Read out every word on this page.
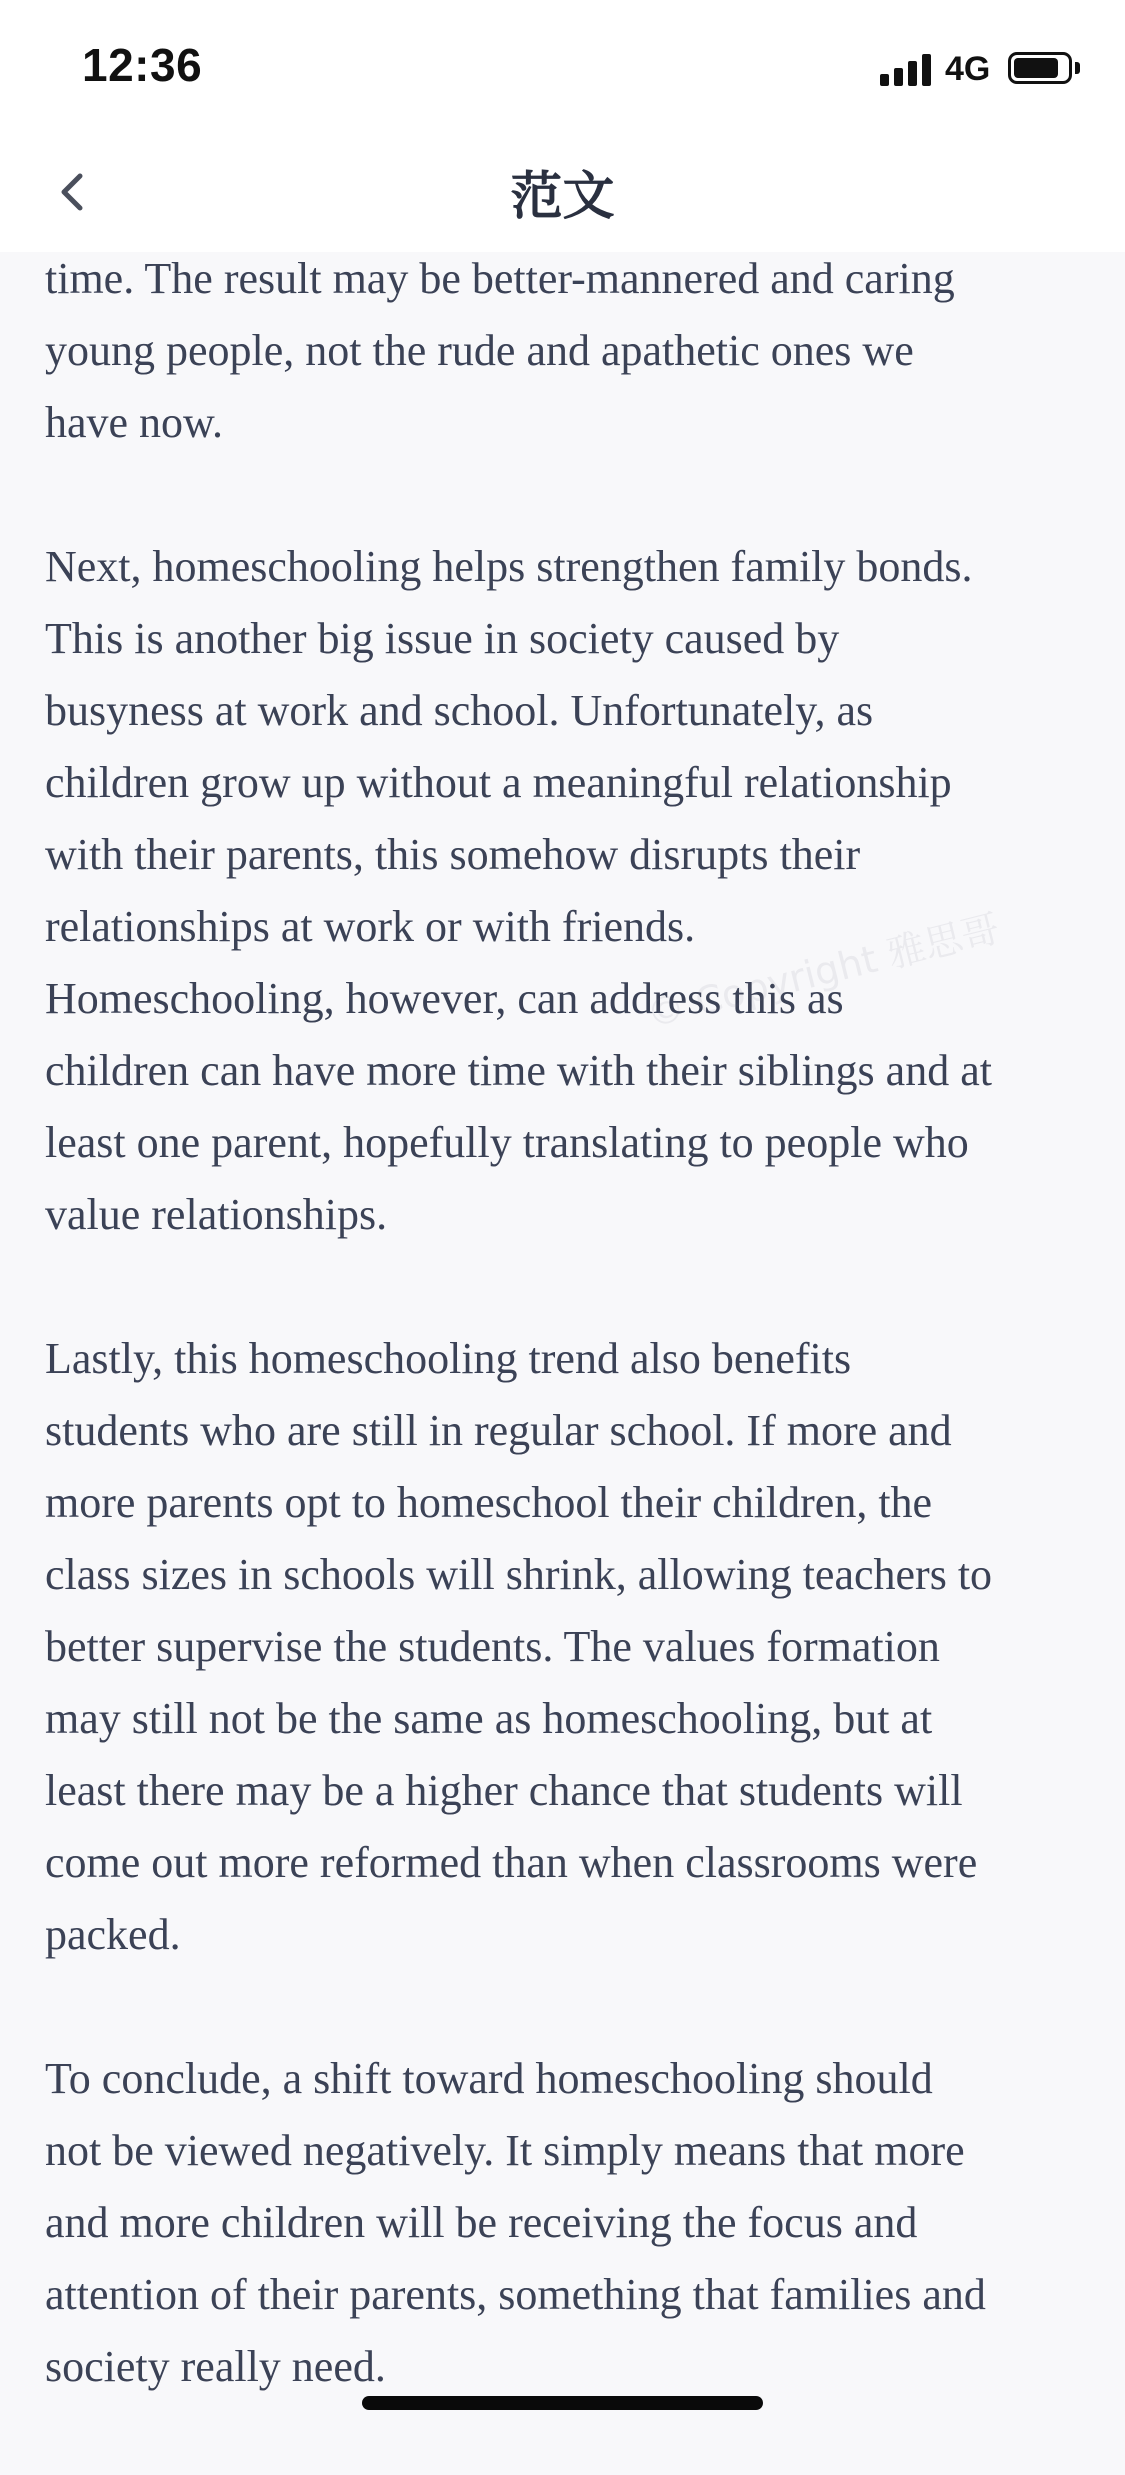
12:36	4G
范文

time. The result may be better-mannered and caring
young people, not the rude and apathetic ones we
have now.

Next, homeschooling helps strengthen family bonds.
This is another big issue in society caused by
busyness at work and school. Unfortunately, as
children grow up without a meaningful relationship
with their parents, this somehow disrupts their
relationships at work or with friends.
Homeschooling, however, can address this as
children can have more time with their siblings and at
least one parent, hopefully translating to people who
value relationships.

Lastly, this homeschooling trend also benefits
students who are still in regular school. If more and
more parents opt to homeschool their children, the
class sizes in schools will shrink, allowing teachers to
better supervise the students. The values formation
may still not be the same as homeschooling, but at
least there may be a higher chance that students will
come out more reformed than when classrooms were
packed.

To conclude, a shift toward homeschooling should
not be viewed negatively. It simply means that more
and more children will be receiving the focus and
attention of their parents, something that families and
society really need.

© Copyright 雅思哥
